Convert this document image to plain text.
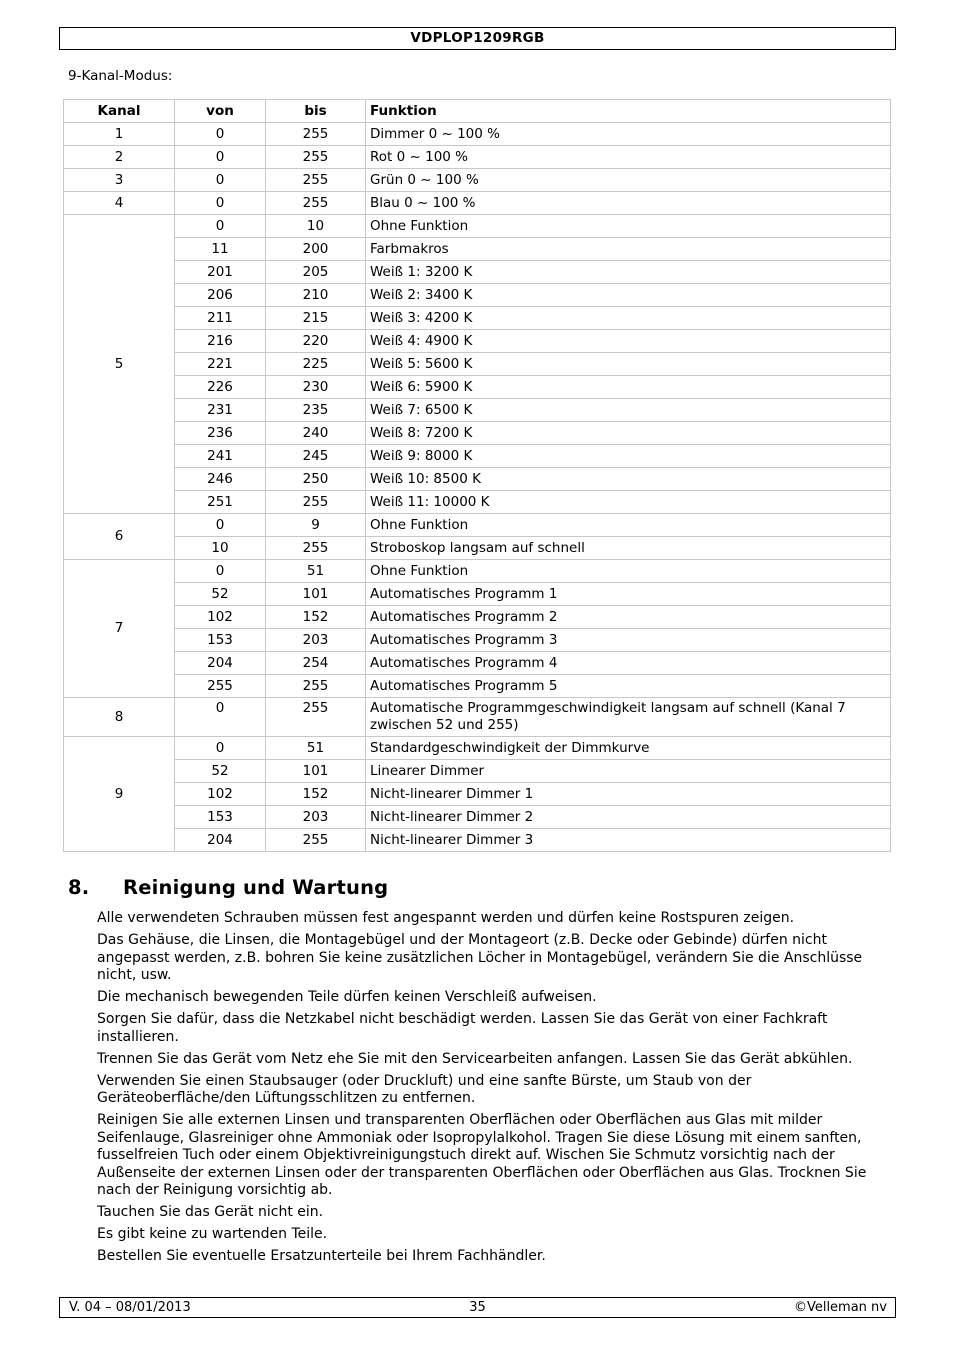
VDPLOP1209RGB
9-Kanal-Modus:
Kanal	von	bis	Funktion
1	0	255	Dimmer 0 ~ 100 %
2	0	255	Rot 0 ~ 100 %
3	0	255	Grün 0 ~ 100 %
4	0	255	Blau 0 ~ 100 %
5	0	10	Ohne Funktion
	11	200	Farbmakros
	201	205	Weiß 1: 3200 K
	206	210	Weiß 2: 3400 K
	211	215	Weiß 3: 4200 K
	216	220	Weiß 4: 4900 K
	221	225	Weiß 5: 5600 K
	226	230	Weiß 6: 5900 K
	231	235	Weiß 7: 6500 K
	236	240	Weiß 8: 7200 K
	241	245	Weiß 9: 8000 K
	246	250	Weiß 10: 8500 K
	251	255	Weiß 11: 10000 K
6	0	9	Ohne Funktion
	10	255	Stroboskop langsam auf schnell
7	0	51	Ohne Funktion
	52	101	Automatisches Programm 1
	102	152	Automatisches Programm 2
	153	203	Automatisches Programm 3
	204	254	Automatisches Programm 4
	255	255	Automatisches Programm 5
8	0	255	Automatische Programmgeschwindigkeit langsam auf schnell (Kanal 7 zwischen 52 und 255)
9	0	51	Standardgeschwindigkeit der Dimmkurve
	52	101	Linearer Dimmer
	102	152	Nicht-linearer Dimmer 1
	153	203	Nicht-linearer Dimmer 2
	204	255	Nicht-linearer Dimmer 3
8. Reinigung und Wartung

Alle verwendeten Schrauben müssen fest angespannt werden und dürfen keine Rostspuren zeigen.

Das Gehäuse, die Linsen, die Montagebügel und der Montageort (z.B. Decke oder Gebinde) dürfen nicht angepasst werden, z.B. bohren Sie keine zusätzlichen Löcher in Montagebügel, verändern Sie die Anschlüsse nicht, usw.

Die mechanisch bewegenden Teile dürfen keinen Verschleiß aufweisen.

Sorgen Sie dafür, dass die Netzkabel nicht beschädigt werden. Lassen Sie das Gerät von einer Fachkraft installieren.

Trennen Sie das Gerät vom Netz ehe Sie mit den Servicearbeiten anfangen. Lassen Sie das Gerät abkühlen.

Verwenden Sie einen Staubsauger (oder Druckluft) und eine sanfte Bürste, um Staub von der Geräteoberfläche/den Lüftungsschlitzen zu entfernen.

Reinigen Sie alle externen Linsen und transparenten Oberflächen oder Oberflächen aus Glas mit milder Seifenlauge, Glasreiniger ohne Ammoniak oder Isopropylalkohol. Tragen Sie diese Lösung mit einem sanften, fusselfreien Tuch oder einem Objektivreinigungstuch direkt auf. Wischen Sie Schmutz vorsichtig nach der Außenseite der externen Linsen oder der transparenten Oberflächen oder Oberflächen aus Glas. Trocknen Sie nach der Reinigung vorsichtig ab.

Tauchen Sie das Gerät nicht ein.

Es gibt keine zu wartenden Teile.

Bestellen Sie eventuelle Ersatzunterteile bei Ihrem Fachhändler.

V. 04 – 08/01/2013	35	©Velleman nv
